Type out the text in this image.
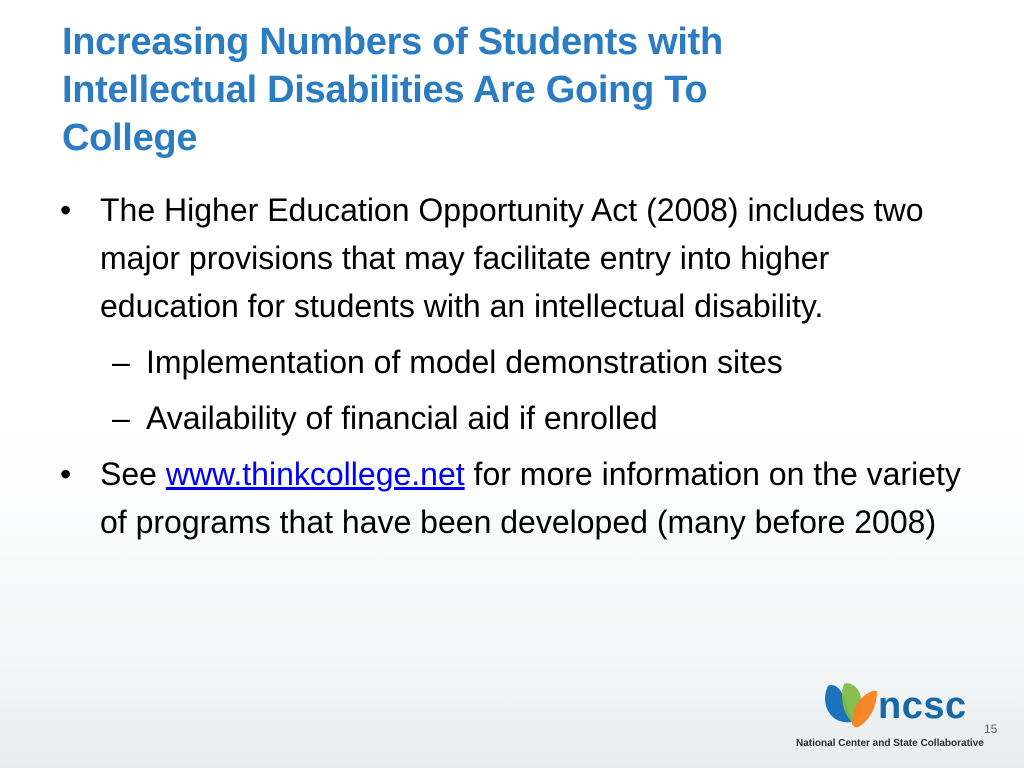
Increasing Numbers of Students with
Intellectual Disabilities Are Going To
College
• The Higher Education Opportunity Act (2008) includes two major provisions that may facilitate entry into higher education for students with an intellectual disability.
– Implementation of model demonstration sites
– Availability of financial aid if enrolled
• See www.thinkcollege.net for more information on the variety of programs that have been developed (many before 2008)
ncsc
National Center and State Collaborative
15
